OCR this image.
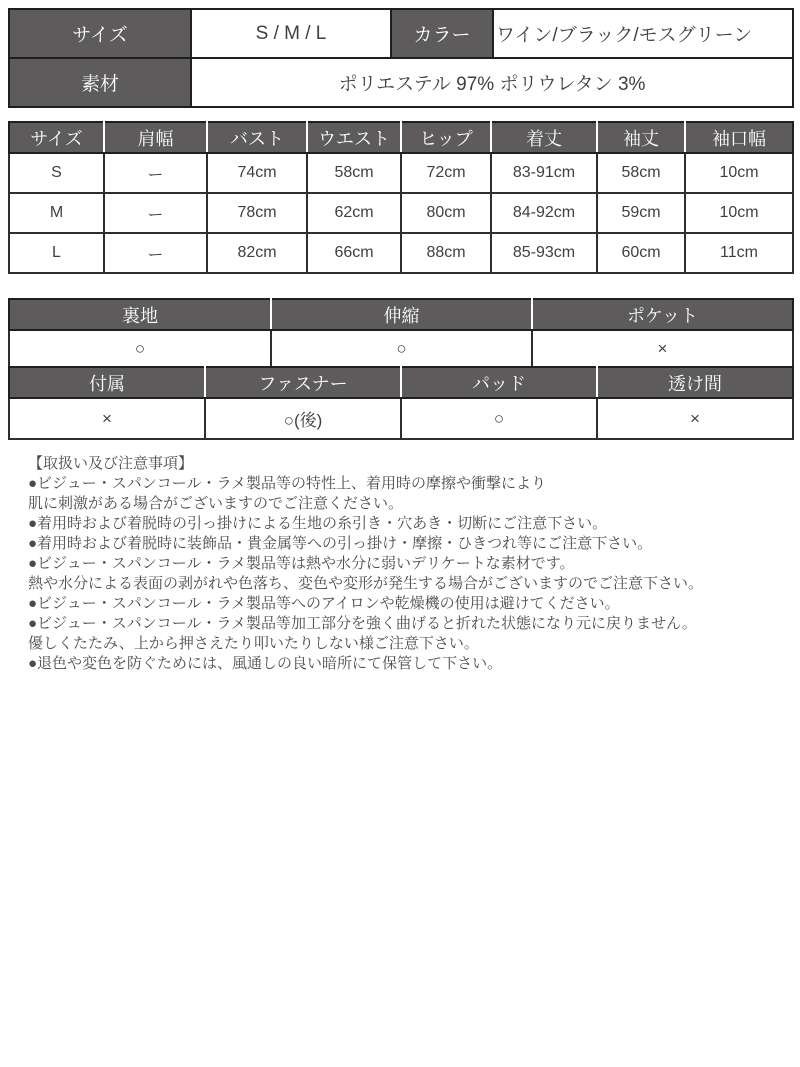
サイズ	S / M / L	カラー	ワイン/ブラック/モスグリーン
素材	ポリエステル 97% ポリウレタン 3%		
サイズ	肩幅	バスト	ウエスト	ヒップ	着丈	袖丈	袖口幅
S	ー	74cm	58cm	72cm	83-91cm	58cm	10cm
M	ー	78cm	62cm	80cm	84-92cm	59cm	10cm
L	ー	82cm	66cm	88cm	85-93cm	60cm	11cm
裏地	伸縮	ポケット
○	○	×
付属	ファスナー	パッド	透け間
×	○(後)	○	×
【取扱い及び注意事項】
●ビジュー・スパンコール・ラメ製品等の特性上、着用時の摩擦や衝撃により
肌に刺激がある場合がございますのでご注意ください。
●着用時および着脱時の引っ掛けによる生地の糸引き・穴あき・切断にご注意下さい。
●着用時および着脱時に装飾品・貴金属等への引っ掛け・摩擦・ひきつれ等にご注意下さい。
●ビジュー・スパンコール・ラメ製品等は熱や水分に弱いデリケートな素材です。
熱や水分による表面の剥がれや色落ち、変色や変形が発生する場合がございますのでご注意下さい。
●ビジュー・スパンコール・ラメ製品等へのアイロンや乾燥機の使用は避けてください。
●ビジュー・スパンコール・ラメ製品等加工部分を強く曲げると折れた状態になり元に戻りません。
優しくたたみ、上から押さえたり叩いたりしない様ご注意下さい。
●退色や変色を防ぐためには、風通しの良い暗所にて保管して下さい。
